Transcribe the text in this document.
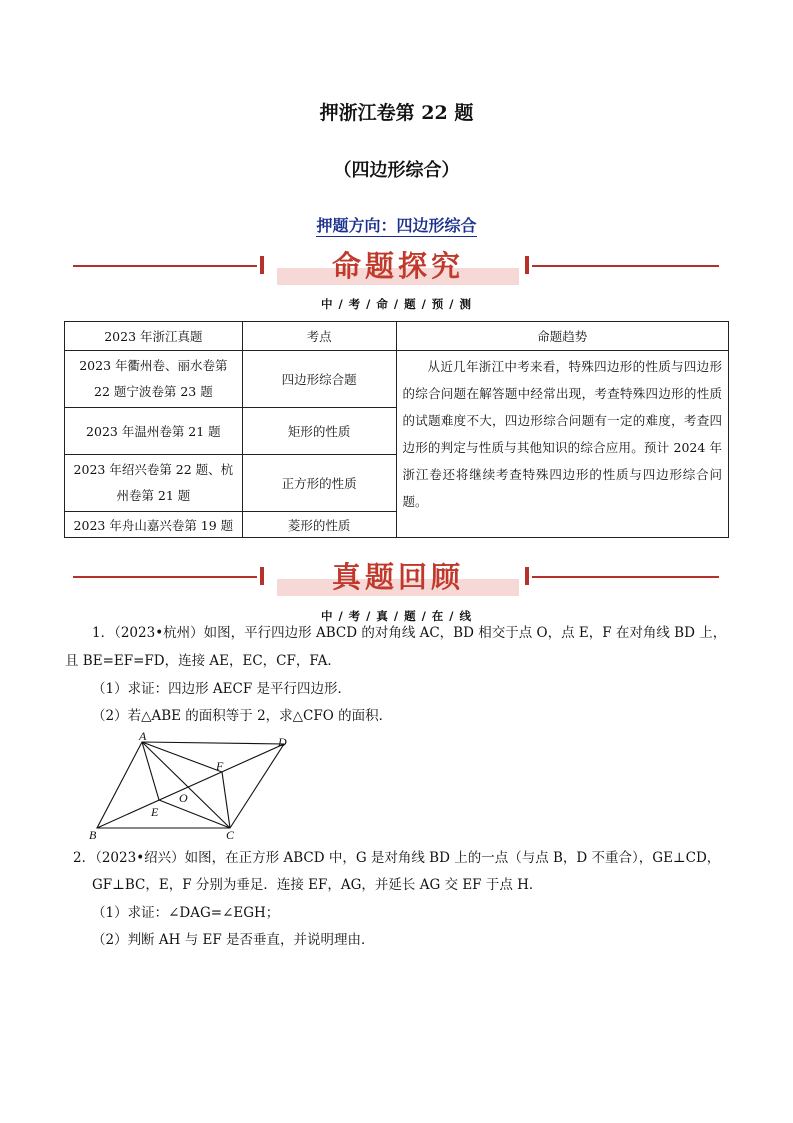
押浙江卷第 22 题
（四边形综合）
押题方向：四边形综合
命题探究
中 / 考 / 命 / 题 / 预 / 测
2023 年浙江真题	考点	命题趋势

2023 年衢州卷、丽水卷第
22 题宁波卷第 23 题	四边形综合题	从近几年浙江中考来看，特殊四边形的性质与四边形的综合问题在解答题中经常出现，考查特殊四边形的性质的试题难度不大，四边形综合问题有一定的难度，考查四边形的判定与性质与其他知识的综合应用。预计 2024 年浙江卷还将继续考查特殊四边形的性质与四边形综合问题。
2023 年温州卷第 21 题	矩形的性质	

2023 年绍兴卷第 22 题、杭
州卷第 21 题	正方形的性质	
2023 年舟山嘉兴卷第 19 题	菱形的性质	
真题回顾
中 / 考 / 真 / 题 / 在 / 线
1．（2023•杭州）如图，平行四边形 ABCD 的对角线 AC，BD 相交于点 O，点 E，F 在对角线 BD 上，
且 BE=EF=FD，连接 AE，EC，CF，FA．
（1）求证：四边形 AECF 是平行四边形．
（2）若△ABE 的面积等于 2，求△CFO 的面积．
A	D
B	C
E
F
O
2．（2023•绍兴）如图，在正方形 ABCD 中，G 是对角线 BD 上的一点（与点 B，D 不重合），GE⊥CD，
GF⊥BC，E，F 分别为垂足．连接 EF，AG，并延长 AG 交 EF 于点 H．
（1）求证：∠DAG=∠EGH；
（2）判断 AH 与 EF 是否垂直，并说明理由．
